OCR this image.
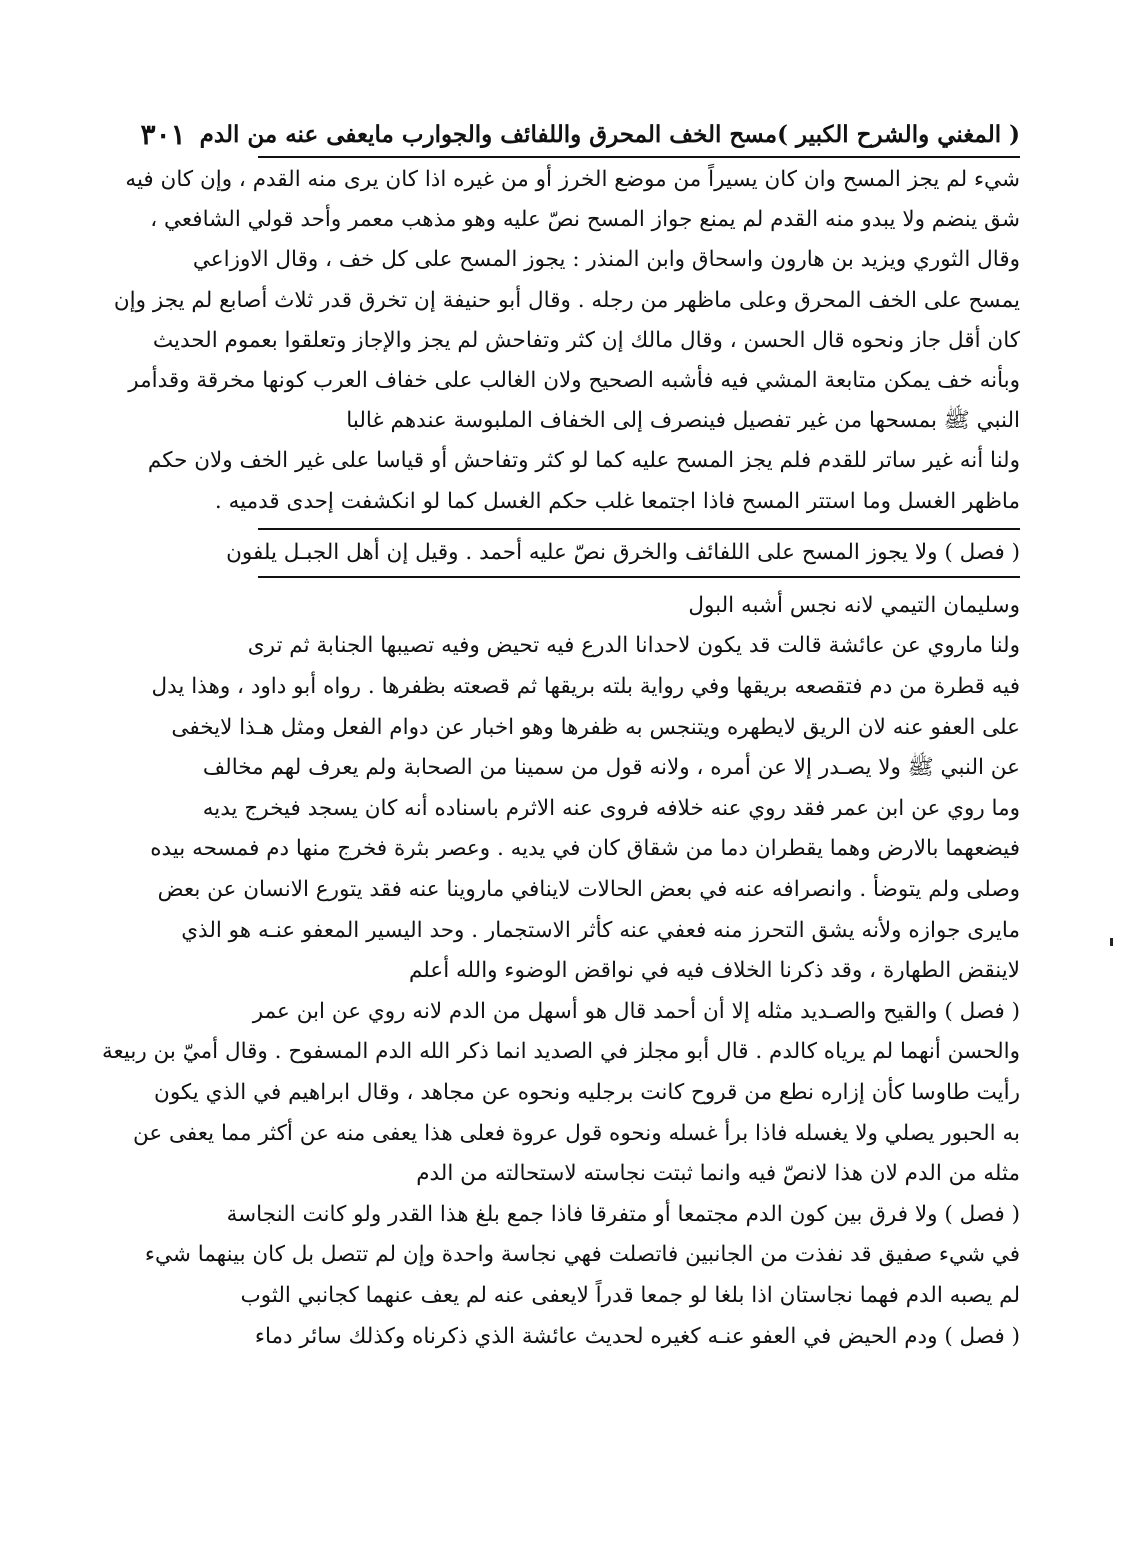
( المغني والشرح الكبير )
مسح الخف المحرق واللفائف والجوارب مايعفى عنه من الدم
٣٠١
شيء لم يجز المسح وان كان يسيراً من موضع الخرز أو من غيره اذا كان يرى منه القدم ، وإن كان فيه
شق ينضم ولا يبدو منه القدم لم يمنع جواز المسح نصّ عليه وهو مذهب معمر وأحد قولي الشافعي ،
وقال الثوري ويزيد بن هارون واسحاق وابن المنذر : يجوز المسح على كل خف ، وقال الاوزاعي
يمسح على الخف المحرق وعلى ماظهر من رجله . وقال أبو حنيفة إن تخرق قدر ثلاث أصابع لم يجز وإن
كان أقل جاز ونحوه قال الحسن ، وقال مالك إن كثر وتفاحش لم يجز والإجاز وتعلقوا بعموم الحديث
وبأنه خف يمكن متابعة المشي فيه فأشبه الصحيح ولان الغالب على خفاف العرب كونها مخرقة وقدأمر
النبي ﷺ بمسحها من غير تفصيل فينصرف إلى الخفاف الملبوسة عندهم غالبا
ولنا أنه غير ساتر للقدم فلم يجز المسح عليه كما لو كثر وتفاحش أو قياسا على غير الخف ولان حكم
ماظهر الغسل وما استتر المسح فاذا اجتمعا غلب حكم الغسل كما لو انكشفت إحدى قدميه .
( فصل ) ولا يجوز المسح على اللفائف والخرق نصّ عليه أحمد . وقيل إن أهل الجبـل يلفون
وسليمان التيمي لانه نجس أشبه البول
ولنا ماروي عن عائشة قالت قد يكون لاحدانا الدرع فيه تحيض وفيه تصيبها الجنابة ثم ترى
فيه قطرة من دم فتقصعه بريقها وفي رواية بلته بريقها ثم قصعته بظفرها . رواه أبو داود ، وهذا يدل
على العفو عنه لان الريق لايطهره ويتنجس به ظفرها وهو اخبار عن دوام الفعل ومثل هـذا لايخفى
عن النبي ﷺ ولا يصـدر إلا عن أمره ، ولانه قول من سمينا من الصحابة ولم يعرف لهم مخالف
وما روي عن ابن عمر فقد روي عنه خلافه فروى عنه الاثرم باسناده أنه كان يسجد فيخرج يديه
فيضعهما بالارض وهما يقطران دما من شقاق كان في يديه . وعصر بثرة فخرج منها دم فمسحه بيده
وصلى ولم يتوضأ . وانصرافه عنه في بعض الحالات لاينافي ماروينا عنه فقد يتورع الانسان عن بعض
مايرى جوازه ولأنه يشق التحرز منه فعفي عنه كأثر الاستجمار . وحد اليسير المعفو عنـه هو الذي
لاينقض الطهارة ، وقد ذكرنا الخلاف فيه في نواقض الوضوء والله أعلم
( فصل ) والقيح والصـديد مثله إلا أن أحمد قال هو أسهل من الدم لانه روي عن ابن عمر
والحسن أنهما لم يرياه كالدم . قال أبو مجلز في الصديد انما ذكر الله الدم المسفوح . وقال أميّ بن ربيعة
رأيت طاوسا كأن إزاره نطع من قروح كانت برجليه ونحوه عن مجاهد ، وقال ابراهيم في الذي يكون
به الحبور يصلي ولا يغسله فاذا برأ غسله ونحوه قول عروة فعلى هذا يعفى منه عن أكثر مما يعفى عن
مثله من الدم لان هذا لانصّ فيه وانما ثبتت نجاسته لاستحالته من الدم
( فصل ) ولا فرق بين كون الدم مجتمعا أو متفرقا فاذا جمع بلغ هذا القدر ولو كانت النجاسة
في شيء صفيق قد نفذت من الجانبين فاتصلت فهي نجاسة واحدة وإن لم تتصل بل كان بينهما شيء
لم يصبه الدم فهما نجاستان اذا بلغا لو جمعا قدراً لايعفى عنه لم يعف عنهما كجانبي الثوب
( فصل ) ودم الحيض في العفو عنـه كغيره لحديث عائشة الذي ذكرناه وكذلك سائر دماء
